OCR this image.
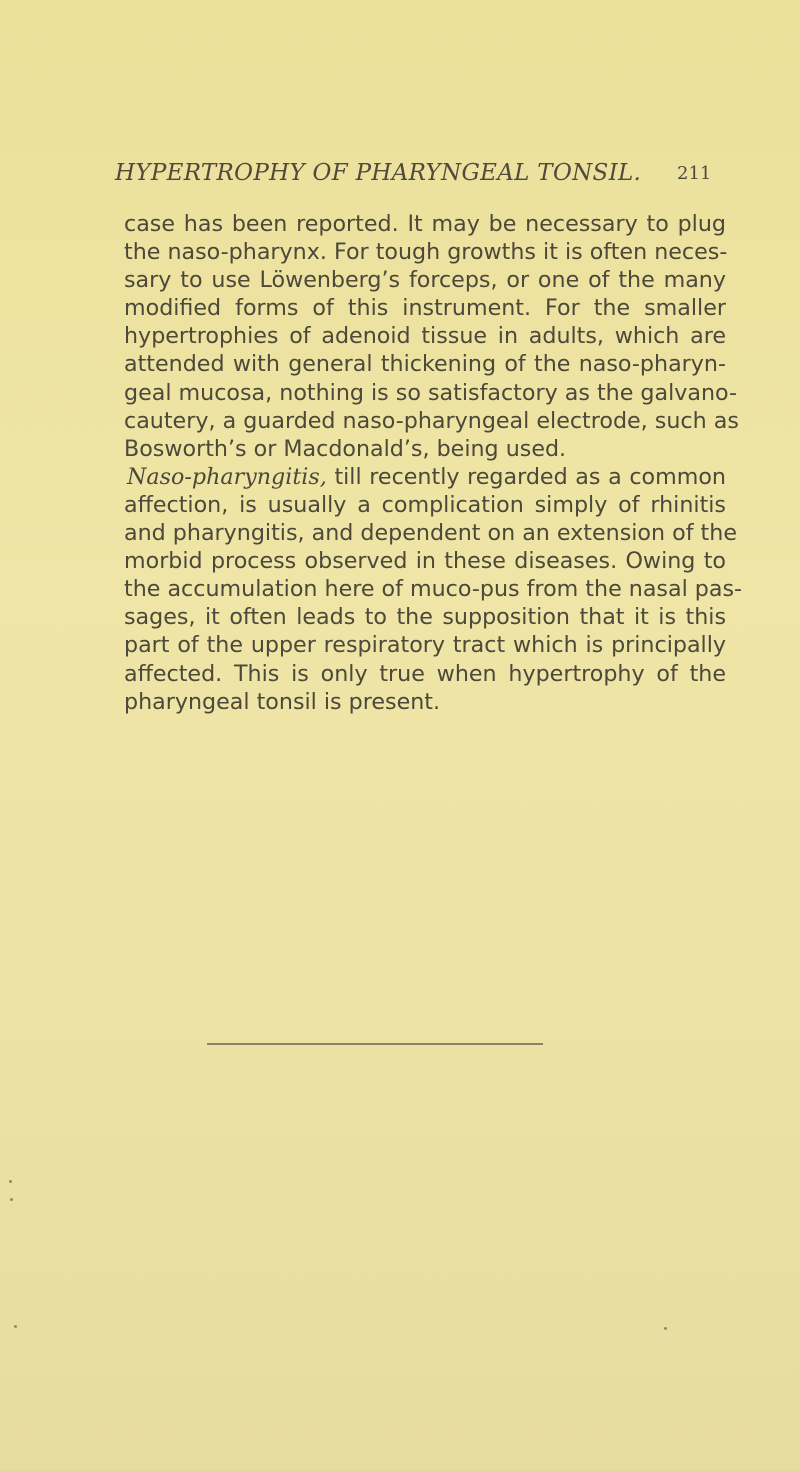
HYPERTROPHY OF PHARYNGEAL TONSIL. 211
case has been reported. It may be necessary to plug
the naso-pharynx. For tough growths it is often neces-
sary to use Löwenberg’s forceps, or one of the many
modified forms of this instrument. For the smaller
hypertrophies of adenoid tissue in adults, which are
attended with general thickening of the naso-pharyn-
geal mucosa, nothing is so satisfactory as the galvano-
cautery, a guarded naso-pharyngeal electrode, such as
Bosworth’s or Macdonald’s, being used.
Naso-pharyngitis, till recently regarded as a common
affection, is usually a complication simply of rhinitis
and pharyngitis, and dependent on an extension of the
morbid process observed in these diseases. Owing to
the accumulation here of muco-pus from the nasal pas-
sages, it often leads to the supposition that it is this
part of the upper respiratory tract which is principally
affected. This is only true when hypertrophy of the
pharyngeal tonsil is present.
